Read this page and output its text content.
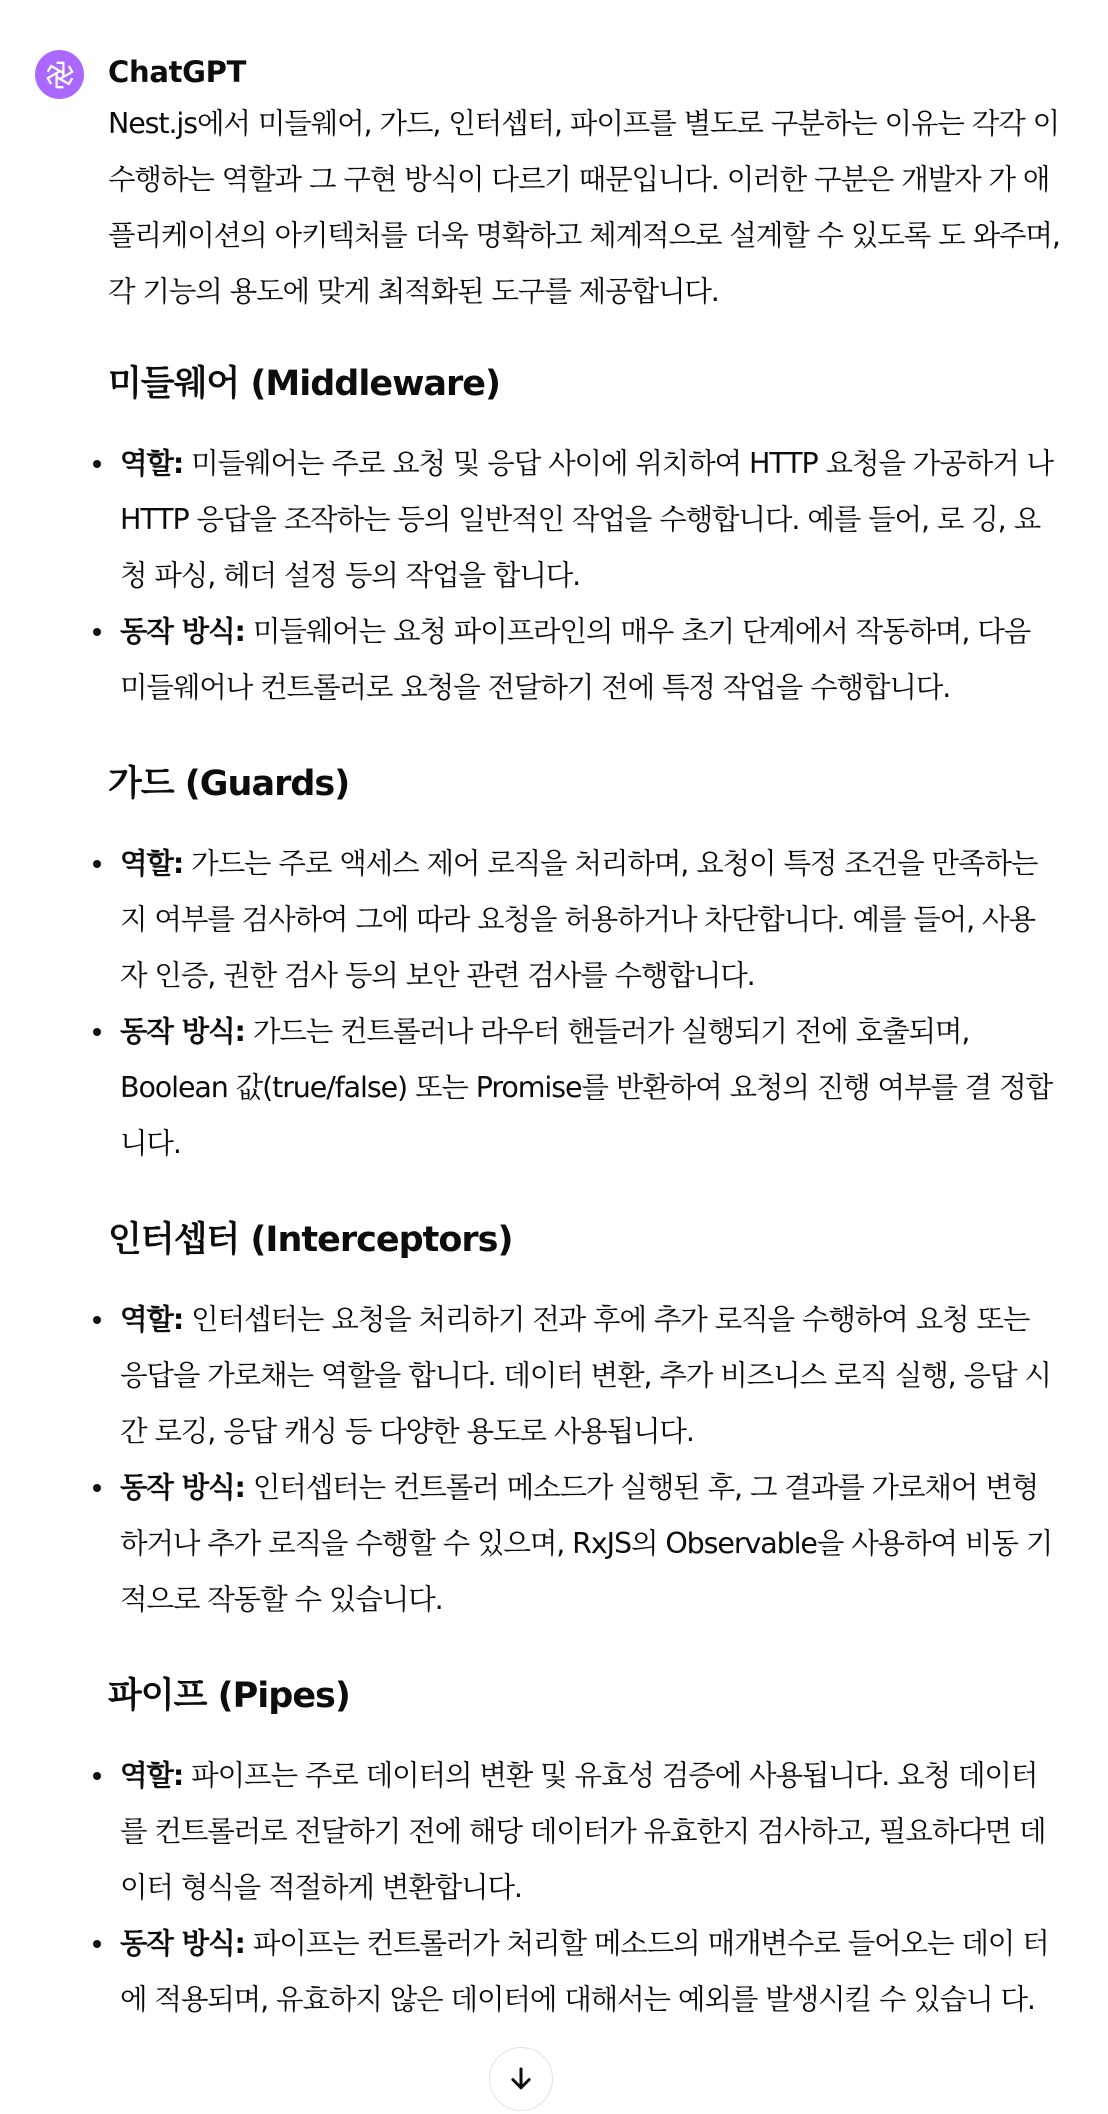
ChatGPT

Nest.js에서 미들웨어, 가드, 인터셉터, 파이프를 별도로 구분하는 이유는 각각 이 수행하는 역할과 그 구현 방식이 다르기 때문입니다. 이러한 구분은 개발자 가 애플리케이션의 아키텍처를 더욱 명확하고 체계적으로 설계할 수 있도록 도 와주며, 각 기능의 용도에 맞게 최적화된 도구를 제공합니다.

미들웨어 (Middleware)
역할: 미들웨어는 주로 요청 및 응답 사이에 위치하여 HTTP 요청을 가공하거 나 HTTP 응답을 조작하는 등의 일반적인 작업을 수행합니다. 예를 들어, 로 깅, 요청 파싱, 헤더 설정 등의 작업을 합니다.
동작 방식: 미들웨어는 요청 파이프라인의 매우 초기 단계에서 작동하며, 다음 미들웨어나 컨트롤러로 요청을 전달하기 전에 특정 작업을 수행합니다.
가드 (Guards)
역할: 가드는 주로 액세스 제어 로직을 처리하며, 요청이 특정 조건을 만족하는 지 여부를 검사하여 그에 따라 요청을 허용하거나 차단합니다. 예를 들어, 사용 자 인증, 권한 검사 등의 보안 관련 검사를 수행합니다.
동작 방식: 가드는 컨트롤러나 라우터 핸들러가 실행되기 전에 호출되며, Boolean 값(true/false) 또는 Promise를 반환하여 요청의 진행 여부를 결 정합니다.
인터셉터 (Interceptors)
역할: 인터셉터는 요청을 처리하기 전과 후에 추가 로직을 수행하여 요청 또는 응답을 가로채는 역할을 합니다. 데이터 변환, 추가 비즈니스 로직 실행, 응답 시간 로깅, 응답 캐싱 등 다양한 용도로 사용됩니다.
동작 방식: 인터셉터는 컨트롤러 메소드가 실행된 후, 그 결과를 가로채어 변형 하거나 추가 로직을 수행할 수 있으며, RxJS의 Observable을 사용하여 비동 기적으로 작동할 수 있습니다.
파이프 (Pipes)
역할: 파이프는 주로 데이터의 변환 및 유효성 검증에 사용됩니다. 요청 데이터 를 컨트롤러로 전달하기 전에 해당 데이터가 유효한지 검사하고, 필요하다면 데이터 형식을 적절하게 변환합니다.
동작 방식: 파이프는 컨트롤러가 처리할 메소드의 매개변수로 들어오는 데이 터에 적용되며, 유효하지 않은 데이터에 대해서는 예외를 발생시킬 수 있습니 다.
